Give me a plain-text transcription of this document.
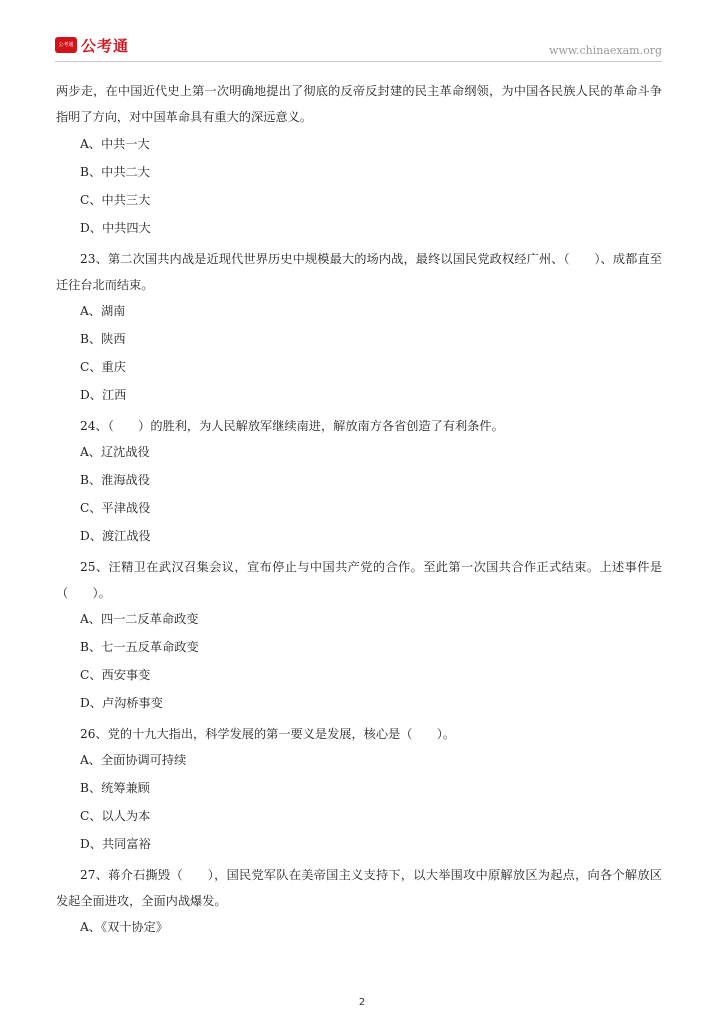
公考通 公考通	www.chinaexam.org

两步走，在中国近代史上第一次明确地提出了彻底的反帝反封建的民主革命纲领，为中国各民族人民的革命斗争指明了方向，对中国革命具有重大的深远意义。

A、中共一大
B、中共二大
C、中共三大
D、中共四大

23、第二次国共内战是近现代世界历史中规模最大的场内战，最终以国民党政权经广州、（　　）、成都直至迁往台北而结束。

A、湖南
B、陕西
C、重庆
D、江西

24、（　　）的胜利，为人民解放军继续南进，解放南方各省创造了有利条件。

A、辽沈战役
B、淮海战役
C、平津战役
D、渡江战役

25、汪精卫在武汉召集会议，宣布停止与中国共产党的合作。至此第一次国共合作正式结束。上述事件是（　　）。

A、四一二反革命政变
B、七一五反革命政变
C、西安事变
D、卢沟桥事变

26、党的十九大指出，科学发展的第一要义是发展，核心是（　　）。

A、全面协调可持续
B、统筹兼顾
C、以人为本
D、共同富裕

27、蒋介石撕毁（　　），国民党军队在美帝国主义支持下，以大举围攻中原解放区为起点，向各个解放区发起全面进攻，全面内战爆发。

A、《双十协定》
2
